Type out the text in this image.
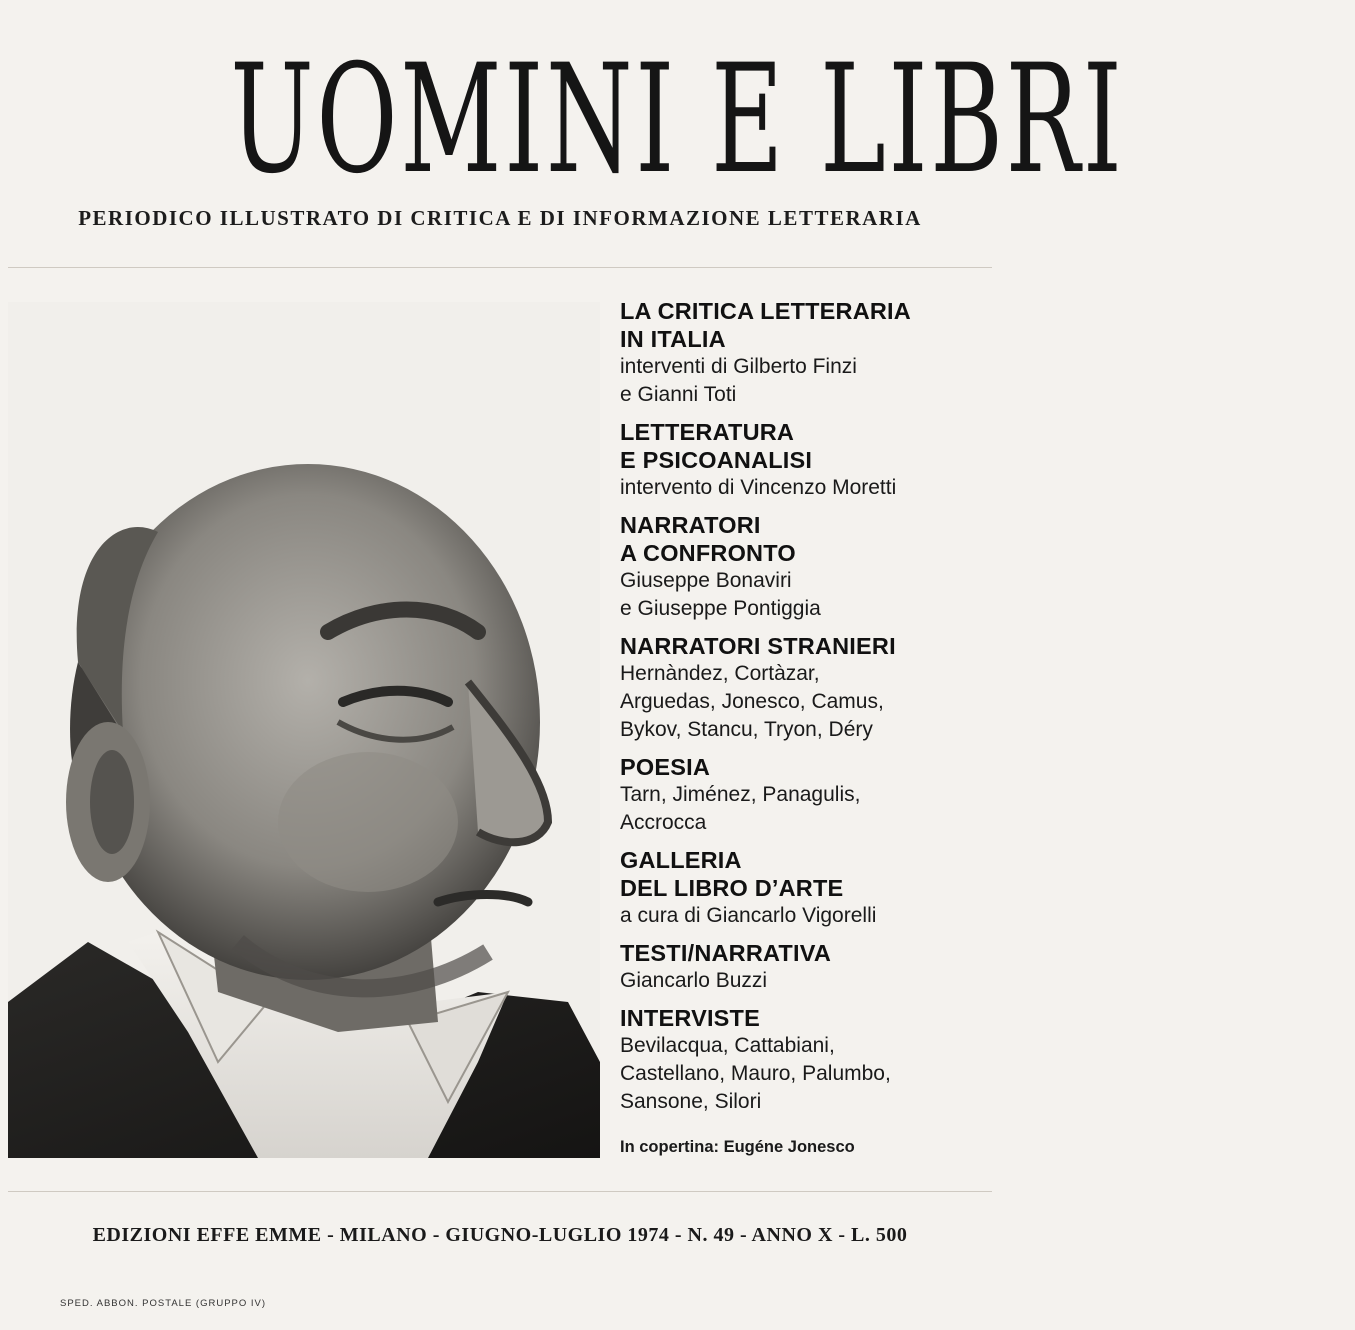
UOMINI E LIBRI
PERIODICO ILLUSTRATO DI CRITICA E DI INFORMAZIONE LETTERARIA

LA CRITICA LETTERARIA
IN ITALIA

interventi di Gilberto Finzi
e Gianni Toti

LETTERATURA
E PSICOANALISI

intervento di Vincenzo Moretti

NARRATORI
A CONFRONTO

Giuseppe Bonaviri
e Giuseppe Pontiggia

NARRATORI STRANIERI

Hernàndez, Cortàzar,
Arguedas, Jonesco, Camus,
Bykov, Stancu, Tryon, Déry

POESIA

Tarn, Jiménez, Panagulis,
Accrocca

GALLERIA
DEL LIBRO D’ARTE

a cura di Giancarlo Vigorelli

TESTI/NARRATIVA

Giancarlo Buzzi

INTERVISTE

Bevilacqua, Cattabiani,
Castellano, Mauro, Palumbo,
Sansone, Silori

In copertina: Eugéne Jonesco
EDIZIONI EFFE EMME - MILANO - GIUGNO-LUGLIO 1974 - N. 49 - ANNO X - L. 500
SPED. ABBON. POSTALE (GRUPPO IV)
